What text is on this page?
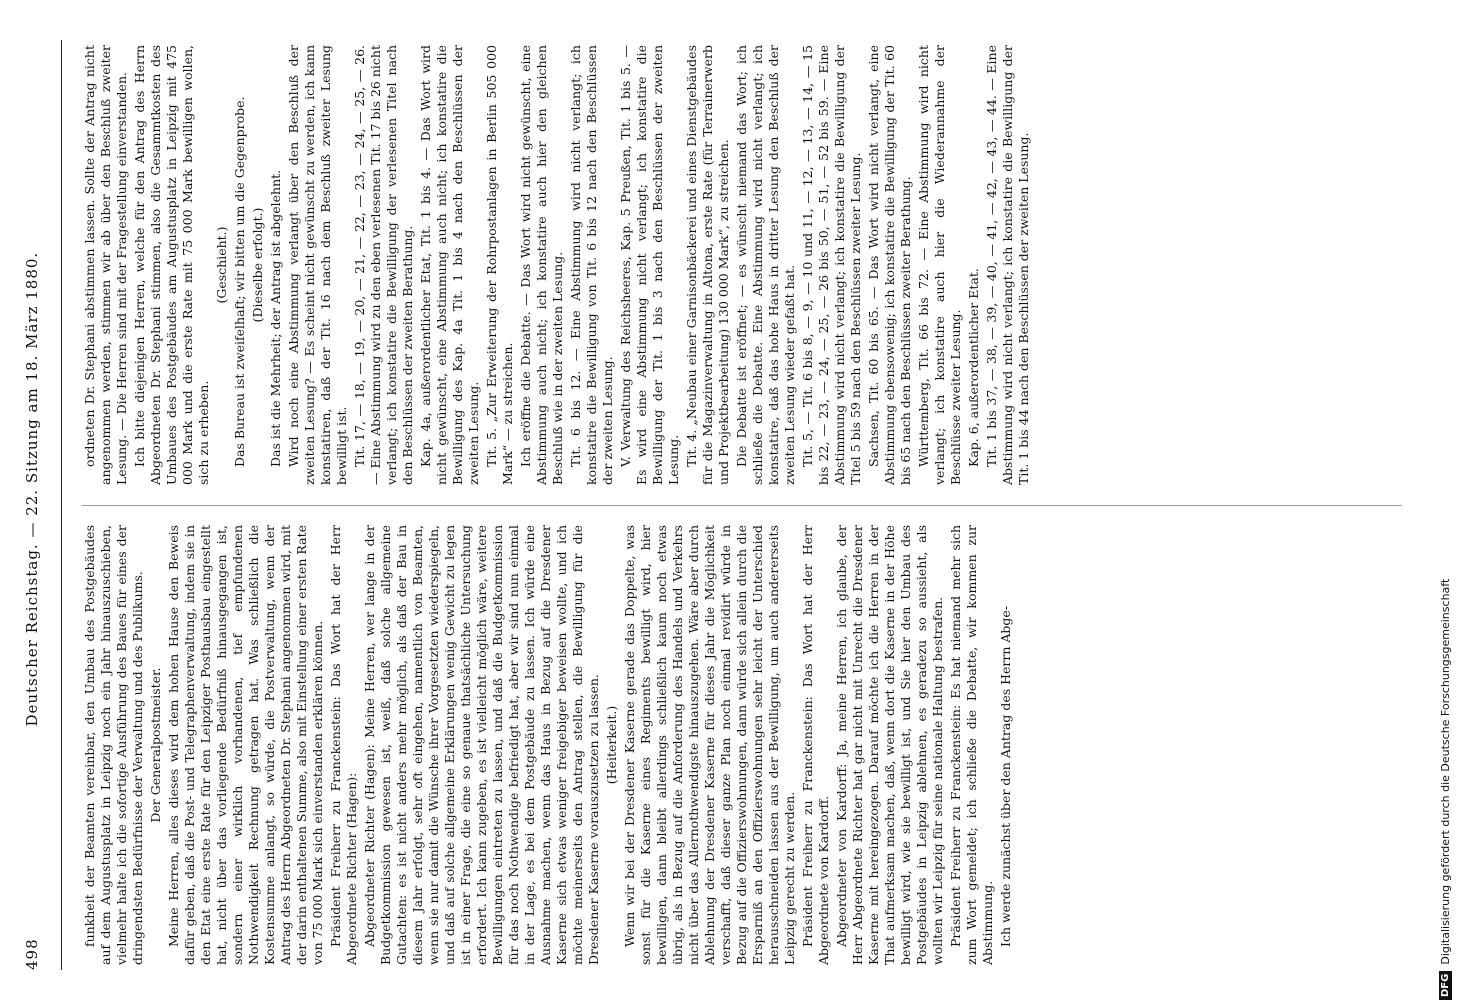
498
Deutscher Reichstag. — 22. Sitzung am 18. März 1880.

funkheit der Beamten vereinbar, den Umbau des Postgebäudes auf dem Augustusplatz in Leipzig noch ein Jahr hinauszuschieben, vielmehr halte ich die sofortige Ausführung des Baues für eines der dringendsten Bedürfnisse der Verwaltung und des Publikums. Der Generalpostmeister. Meine Herren, alles dieses wird dem hohen Hause den Beweis dafür geben, daß die Post- und Telegraphenverwaltung, indem sie in den Etat eine erste Rate für den Leipziger Posthausbau eingestellt hat, nicht über das vorliegende Bedürfniß hinausgegangen ist, sondern einer wirklich vorhandenen, tief empfundenen Nothwendigkeit Rechnung getragen hat. Was schließlich die Kostensumme anlangt, so würde, die Postverwaltung, wenn der Antrag des Herrn Abgeordneten Dr. Stephani angenommen wird, mit der darin enthaltenen Summe, also mit Einstellung einer ersten Rate von 75 000 Mark sich einverstanden erklären können. Präsident Freiherr zu Franckenstein: Das Wort hat der Herr Abgeordnete Richter (Hagen): Abgeordneter Richter (Hagen): Meine Herren, wer lange in der Budgetkommission gewesen ist, weiß, daß solche allgemeine Gutachten: es ist nicht anders mehr möglich, als daß der Bau in diesem Jahr erfolgt, sehr oft eingehen, namentlich von Beamten, wenn sie nur damit die Wünsche ihrer Vorgesetzten wiederspiegeln, und daß auf solche allgemeine Erklärungen wenig Gewicht zu legen ist in einer Frage, die eine so genaue thatsächliche Untersuchung erfordert. Ich kann zugeben, es ist vielleicht möglich wäre, weitere Bewilligungen eintreten zu lassen, und daß die Budgetkommission für das noch Nothwendige befriedigt hat, aber wir sind nun einmal in der Lage, es bei dem Postgebäude zu lassen. Ich würde eine Ausnahme machen, wenn das Haus in Bezug auf die Dresdener Kaserne sich etwas weniger freigebiger beweisen wollte, und ich möchte meinerseits den Antrag stellen, die Bewilligung für die Dresdener Kaserne vorauszusetzen zu lassen. (Heiterkeit.) Wenn wir bei der Dresdener Kaserne gerade das Doppelte, was sonst für die Kaserne eines Regiments bewilligt wird, hier bewilligen, dann bleibt allerdings schließlich kaum noch etwas übrig, als in Bezug auf die Anforderung des Handels und Verkehrs nicht über das Allernothwendigste hinauszugehen. Wäre aber durch Ablehnung der Dresdener Kaserne für dieses Jahr die Möglichkeit verschafft, daß dieser ganze Plan noch einmal revidirt würde in Bezug auf die Offizierswohnungen, dann würde sich allein durch die Ersparniß an den Offizierswohnungen sehr leicht der Unterschied herausschneiden lassen aus der Bewilligung, um auch andererseits Leipzig gerecht zu werden. Präsident Freiherr zu Franckenstein: Das Wort hat der Herr Abgeordnete von Kardorff. Abgeordneter von Kardorff: Ja, meine Herren, ich glaube, der Herr Abgeordnete Richter hat gar nicht mit Unrecht die Dresdener Kaserne mit hereingezogen. Darauf möchte ich die Herren in der That aufmerksam machen, daß, wenn dort die Kaserne in der Höhe bewilligt wird, wie sie bewilligt ist, und Sie hier den Umbau des Postgebäudes in Leipzig ablehnen, es geradezu so aussieht, als wollten wir Leipzig für seine nationale Haltung bestrafen. Präsident Freiherr zu Franckenstein: Es hat niemand mehr sich zum Wort gemeldet; ich schließe die Debatte, wir kommen zur Abstimmung. Ich werde zunächst über den Antrag des Herrn Abge-

ordneten Dr. Stephani abstimmen lassen. Sollte der Antrag nicht angenommen werden, stimmen wir ab über den Beschluß zweiter Lesung. — Die Herren sind mit der Fragestellung einverstanden. Ich bitte diejenigen Herren, welche für den Antrag des Herrn Abgeordneten Dr. Stephani stimmen, also die Gesammtkosten des Umbaues des Postgebäudes am Augustusplatz in Leipzig mit 475 000 Mark und die erste Rate mit 75 000 Mark bewilligen wollen, sich zu erheben.

(Geschieht.) Das Bureau ist zweifelhaft; wir bitten um die Gegenprobe. (Dieselbe erfolgt.) Das ist die Mehrheit; der Antrag ist abgelehnt. Wird noch eine Abstimmung verlangt über den Beschluß der zweiten Lesung? — Es scheint nicht gewünscht zu werden, ich kann konstatiren, daß der Tit. 16 nach dem Beschluß zweiter Lesung bewilligt ist. Tit. 17, — 18, — 19, — 20, — 21, — 22, — 23, — 24, — 25, — 26. — Eine Abstimmung wird zu den eben verlesenen Tit. 17 bis 26 nicht verlangt; ich konstatire die Bewilligung der verlesenen Titel nach den Beschlüssen der zweiten Berathung. Kap. 4a, außerordentlicher Etat, Tit. 1 bis 4. — Das Wort wird nicht gewünscht, eine Abstimmung auch nicht; ich konstatire die Bewilligung des Kap. 4a Tit. 1 bis 4 nach den Beschlüssen der zweiten Lesung. Tit. 5. „Zur Erweiterung der Rohrpostanlagen in Berlin 505 000 Mark“ — zu streichen. Ich eröffne die Debatte. — Das Wort wird nicht gewünscht, eine Abstimmung auch nicht; ich konstatire auch hier den gleichen Beschluß wie in der zweiten Lesung. Tit. 6 bis 12. — Eine Abstimmung wird nicht verlangt; ich konstatire die Bewilligung von Tit. 6 bis 12 nach den Beschlüssen der zweiten Lesung. V. Verwaltung des Reichsheeres, Kap. 5 Preußen, Tit. 1 bis 5. — Es wird eine Abstimmung nicht verlangt; ich konstatire die Bewilligung der Tit. 1 bis 3 nach den Beschlüssen der zweiten Lesung. Tit. 4. „Neubau einer Garnisonbäckerei und eines Dienstgebäudes für die Magazinverwaltung in Altona, erste Rate (für Terrainerwerb und Projektbearbeitung) 130 000 Mark“, zu streichen. Die Debatte ist eröffnet; — es wünscht niemand das Wort; ich schließe die Debatte. Eine Abstimmung wird nicht verlangt; ich konstatire, daß das hohe Haus in dritter Lesung den Beschluß der zweiten Lesung wieder gefaßt hat. Tit. 5, — Tit. 6 bis 8, — 9, — 10 und 11, — 12, — 13, — 14, — 15 bis 22, — 23, — 24, — 25, — 26 bis 50, — 51, — 52 bis 59. — Eine Abstimmung wird nicht verlangt; ich konstatire die Bewilligung der Titel 5 bis 59 nach den Beschlüssen zweiter Lesung. Sachsen, Tit. 60 bis 65. — Das Wort wird nicht verlangt, eine Abstimmung ebensowenig; ich konstatire die Bewilligung der Tit. 60 bis 65 nach den Beschlüssen zweiter Berathung. Württemberg, Tit. 66 bis 72. — Eine Abstimmung wird nicht verlangt; ich konstatire auch hier die Wiederannahme der Beschlüsse zweiter Lesung. Kap. 6, außerordentlicher Etat. Tit. 1 bis 37, — 38, — 39, — 40, — 41, — 42, — 43, — 44. — Eine Abstimmung wird nicht verlangt; ich konstatire die Bewilligung der Tit. 1 bis 44 nach den Beschlüssen der zweiten Lesung.

DFG
Digitalisierung gefördert durch die Deutsche Forschungsgemeinschaft
